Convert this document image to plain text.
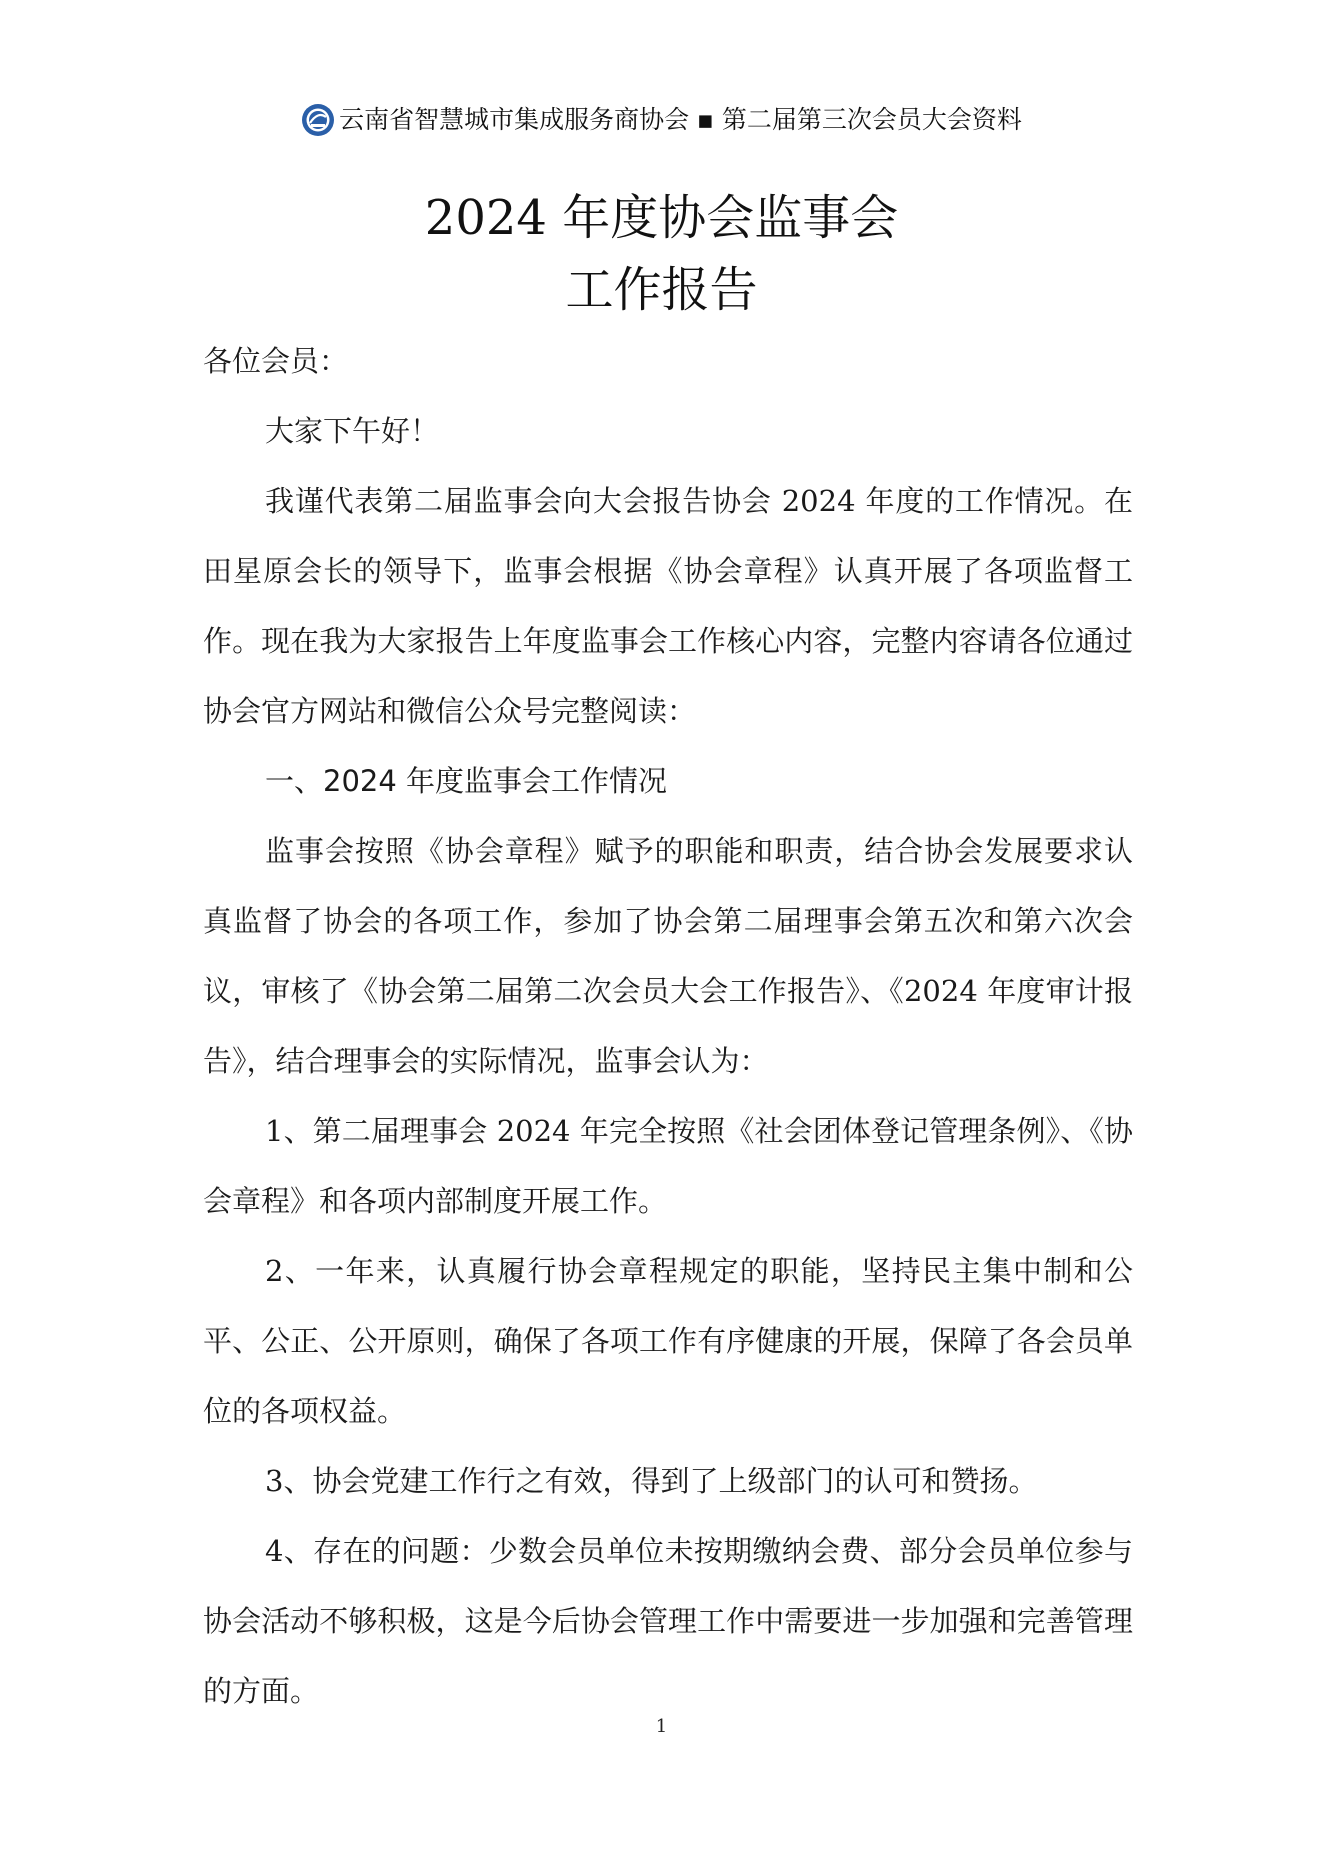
云南省智慧城市集成服务商协会 ▪ 第二届第三次会员大会资料
2024 年度协会监事会
工作报告

各位会员：

大家下午好！

我谨代表第二届监事会向大会报告协会 2024 年度的工作情况。在田星原会长的领导下，监事会根据《协会章程》认真开展了各项监督工作。现在我为大家报告上年度监事会工作核心内容，完整内容请各位通过协会官方网站和微信公众号完整阅读：

一、2024 年度监事会工作情况

监事会按照《协会章程》赋予的职能和职责，结合协会发展要求认真监督了协会的各项工作，参加了协会第二届理事会第五次和第六次会议，审核了《协会第二届第二次会员大会工作报告》、《2024 年度审计报告》，结合理事会的实际情况，监事会认为：

1、第二届理事会 2024 年完全按照《社会团体登记管理条例》、《协会章程》和各项内部制度开展工作。

2、一年来，认真履行协会章程规定的职能，坚持民主集中制和公平、公正、公开原则，确保了各项工作有序健康的开展，保障了各会员单位的各项权益。

3、协会党建工作行之有效，得到了上级部门的认可和赞扬。

4、存在的问题：少数会员单位未按期缴纳会费、部分会员单位参与协会活动不够积极，这是今后协会管理工作中需要进一步加强和完善管理的方面。

1
